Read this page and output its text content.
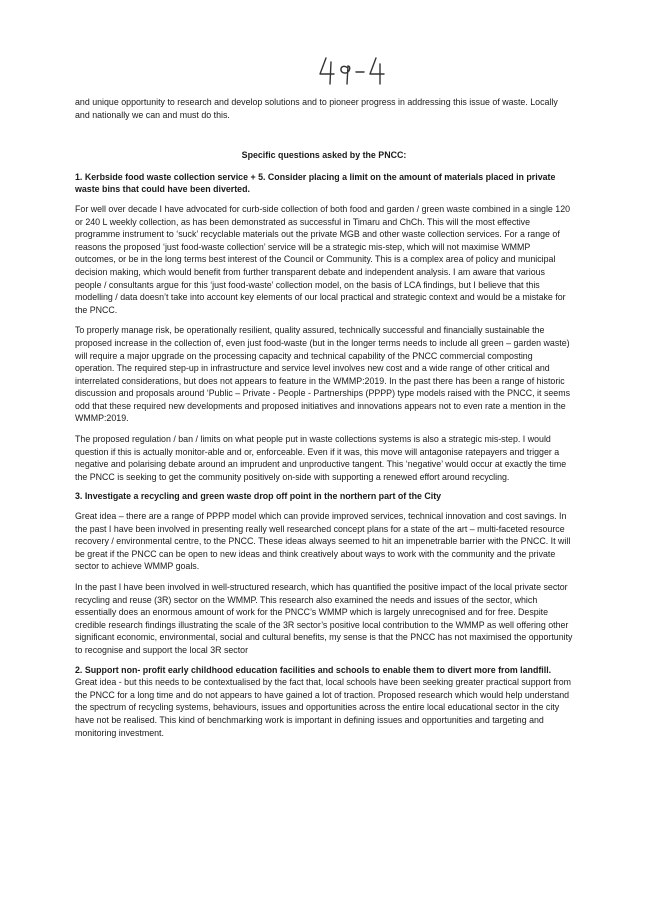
and unique opportunity to research and develop solutions and to pioneer progress in addressing this issue of waste. Locally and nationally we can and must do this.

Specific questions asked by the PNCC:

1. Kerbside food waste collection service + 5. Consider placing a limit on the amount of materials placed in private waste bins that could have been diverted.

For well over decade I have advocated for curb-side collection of both food and garden / green waste combined in a single 120 or 240 L weekly collection, as has been demonstrated as successful in Timaru and ChCh. This will the most effective programme instrument to ‘suck’ recyclable materials out the private MGB and other waste collection services. For a range of reasons the proposed ‘just food-waste collection’ service will be a strategic mis-step, which will not maximise WMMP outcomes, or be in the long terms best interest of the Council or Community. This is a complex area of policy and municipal decision making, which would benefit from further transparent debate and independent analysis. I am aware that various people / consultants argue for this ‘just food-waste’ collection model, on the basis of LCA findings, but I believe that this modelling / data doesn’t take into account key elements of our local practical and strategic context and would be a mistake for the PNCC.

To properly manage risk, be operationally resilient, quality assured, technically successful and financially sustainable the proposed increase in the collection of, even just food-waste (but in the longer terms needs to include all green – garden waste) will require a major upgrade on the processing capacity and technical capability of the PNCC commercial composting operation. The required step-up in infrastructure and service level involves new cost and a wide range of other critical and interrelated considerations, but does not appears to feature in the WMMP:2019. In the past there has been a range of historic discussion and proposals around ‘Public – Private - People - Partnerships (PPPP) type models raised with the PNCC, it seems odd that these required new developments and proposed initiatives and innovations appears not to even rate a mention in the WMMP:2019.

The proposed regulation / ban / limits on what people put in waste collections systems is also a strategic mis-step. I would question if this is actually monitor-able and or, enforceable. Even if it was, this move will antagonise ratepayers and trigger a negative and polarising debate around an imprudent and unproductive tangent. This ‘negative’ would occur at exactly the time the PNCC is seeking to get the community positively on-side with supporting a renewed effort around recycling.

3. Investigate a recycling and green waste drop off point in the northern part of the City

Great idea – there are a range of PPPP model which can provide improved services, technical innovation and cost savings. In the past I have been involved in presenting really well researched concept plans for a state of the art – multi-faceted resource recovery / environmental centre, to the PNCC. These ideas always seemed to hit an impenetrable barrier with the PNCC. It will be great if the PNCC can be open to new ideas and think creatively about ways to work with the community and the private sector to achieve WMMP goals.

In the past I have been involved in well-structured research, which has quantified the positive impact of the local private sector recycling and reuse (3R) sector on the WMMP. This research also examined the needs and issues of the sector, which essentially does an enormous amount of work for the PNCC’s WMMP which is largely unrecognised and for free. Despite credible research findings illustrating the scale of the 3R sector’s positive local contribution to the WMMP as well offering other significant economic, environmental, social and cultural benefits, my sense is that the PNCC has not maximised the opportunity to recognise and support the local 3R sector

2. Support non- profit early childhood education facilities and schools to enable them to divert more from landfill. Great idea - but this needs to be contextualised by the fact that, local schools have been seeking greater practical support from the PNCC for a long time and do not appears to have gained a lot of traction. Proposed research which would help understand the spectrum of recycling systems, behaviours, issues and opportunities across the entire local educational sector in the city have not be realised. This kind of benchmarking work is important in defining issues and opportunities and targeting and monitoring investment.
